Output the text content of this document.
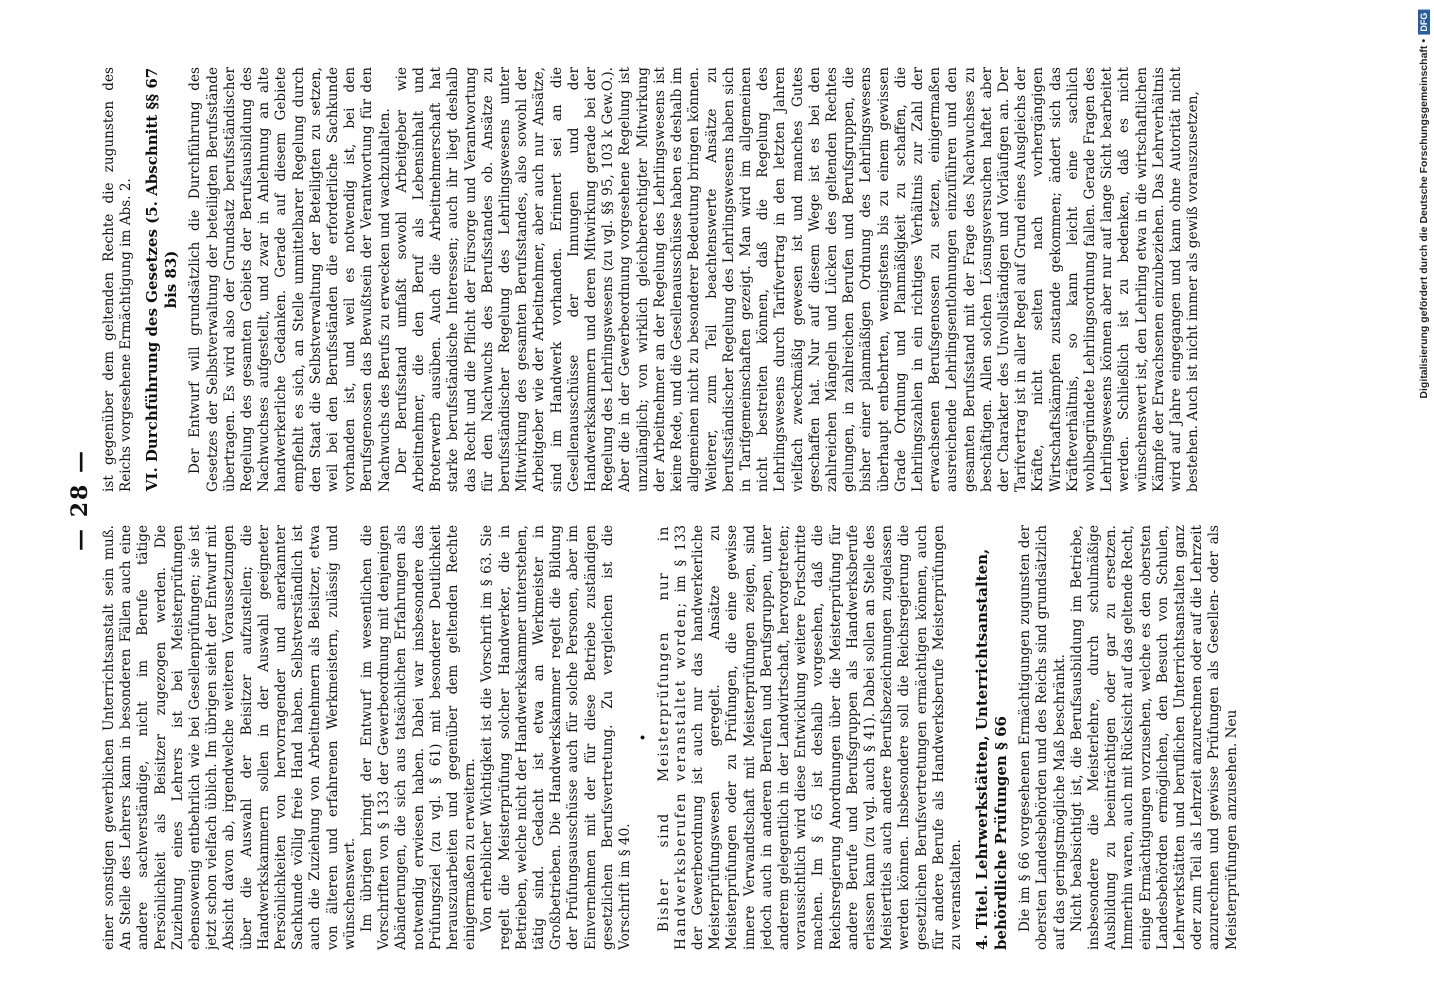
— 28 —

einer sonstigen gewerblichen Unterrichtsanstalt sein muß. An Stelle des Lehrers kann in besonderen Fällen auch eine andere sachverständige, nicht im Berufe tätige Persönlichkeit als Beisitzer zugezogen werden. Die Zuziehung eines Lehrers ist bei Meisterprüfungen ebensowenig entbehrlich wie bei Gesellenprüfungen; sie ist jetzt schon vielfach üblich. Im übrigen sieht der Entwurf mit Absicht davon ab, irgendwelche weiteren Voraussetzungen über die Auswahl der Beisitzer aufzustellen; die Handwerkskammern sollen in der Auswahl geeigneter Persönlichkeiten von hervorragender und anerkannter Sachkunde völlig freie Hand haben. Selbstverständlich ist auch die Zuziehung von Arbeitnehmern als Beisitzer, etwa von älteren und erfahrenen Werkmeistern, zulässig und wünschenswert. Im übrigen bringt der Entwurf im wesentlichen die Vorschriften von § 133 der Gewerbeordnung mit denjenigen Abänderungen, die sich aus tatsächlichen Erfahrungen als notwendig erwiesen haben. Dabei war insbesondere das Prüfungsziel (zu vgl. § 61) mit besonderer Deutlichkeit herauszuarbeiten und gegenüber dem geltenden Rechte einigermaßen zu erweitern. Von erheblicher Wichtigkeit ist die Vorschrift im § 63. Sie regelt die Meisterprüfung solcher Handwerker, die in Betrieben, welche nicht der Handwerkskammer unterstehen, tätig sind. Gedacht ist etwa an Werkmeister in Großbetrieben. Die Handwerkskammer regelt die Bildung der Prüfungsausschüsse auch für solche Personen, aber im Einvernehmen mit der für diese Betriebe zuständigen gesetzlichen Berufsvertretung. Zu vergleichen ist die Vorschrift im § 40.

• Bisher sind Meisterprüfungen nur in Handwerksberufen veranstaltet worden; im § 133 der Gewerbeordnung ist auch nur das handwerkerliche Meisterprüfungswesen geregelt. Ansätze zu Meisterprüfungen oder zu Prüfungen, die eine gewisse innere Verwandtschaft mit Meisterprüfungen zeigen, sind jedoch auch in anderen Berufen und Berufsgruppen, unter anderem gelegentlich in der Landwirtschaft, hervorgetreten; voraussichtlich wird diese Entwicklung weitere Fortschritte machen. Im § 65 ist deshalb vorgesehen, daß die Reichsregierung Anordnungen über die Meisterprüfung für andere Berufe und Berufsgruppen als Handwerksberufe erlassen kann (zu vgl. auch § 41). Dabei sollen an Stelle des Meistertitels auch andere Berufsbezeichnungen zugelassen werden können. Insbesondere soll die Reichsregierung die gesetzlichen Berufsvertretungen ermächtigen können, auch für andere Berufe als Handwerksberufe Meisterprüfungen zu veranstalten. 4. Titel. Lehrwerkstätten, Unterrichtsanstalten, behördliche Prüfungen § 66 Die im § 66 vorgesehenen Ermächtigungen zugunsten der obersten Landesbehörden und des Reichs sind grundsätzlich auf das geringstmögliche Maß beschränkt. Nicht beabsichtigt ist, die Berufsausbildung im Betriebe, insbesondere die Meisterlehre, durch schulmäßige Ausbildung zu beeinträchtigen oder gar zu ersetzen. Immerhin waren, auch mit Rücksicht auf das geltende Recht, einige Ermächtigungen vorzusehen, welche es den obersten Landesbehörden ermöglichen, den Besuch von Schulen, Lehrwerkstätten und beruflichen Unterrichtsanstalten ganz oder zum Teil als Lehrzeit anzurechnen oder auf die Lehrzeit anzurechnen und gewisse Prüfungen als Gesellen- oder als Meisterprüfungen anzusehen. Neu

ist gegenüber dem geltenden Rechte die zugunsten des Reichs vorgesehene Ermächtigung im Abs. 2. VI. Durchführung des Gesetzes (5. Abschnitt §§ 67 bis 83) Der Entwurf will grundsätzlich die Durchführung des Gesetzes der Selbstverwaltung der beteiligten Berufsstände übertragen. Es wird also der Grundsatz berufsständischer Regelung des gesamten Gebiets der Berufsausbildung des Nachwuchses aufgestellt, und zwar in Anlehnung an alte handwerkerliche Gedanken. Gerade auf diesem Gebiete empfiehlt es sich, an Stelle unmittelbarer Regelung durch den Staat die Selbstverwaltung der Beteiligten zu setzen, weil bei den Berufsständen die erforderliche Sachkunde vorhanden ist, und weil es notwendig ist, bei den Berufsgenossen das Bewußtsein der Verantwortung für den Nachwuchs des Berufs zu erwecken und wachzuhalten. Der Berufsstand umfaßt sowohl Arbeitgeber wie Arbeitnehmer, die den Beruf als Lebensinhalt und Broterwerb ausüben. Auch die Arbeitnehmerschaft hat starke berufsständische Interessen; auch ihr liegt deshalb das Recht und die Pflicht der Fürsorge und Verantwortung für den Nachwuchs des Berufsstandes ob. Ansätze zu berufsständischer Regelung des Lehrlingswesens unter Mitwirkung des gesamten Berufsstandes, also sowohl der Arbeitgeber wie der Arbeitnehmer, aber auch nur Ansätze, sind im Handwerk vorhanden. Erinnert sei an die Gesellenausschüsse der Innungen und der Handwerkskammern und deren Mitwirkung gerade bei der Regelung des Lehrlingswesens (zu vgl. §§ 95, 103 k Gew.O.). Aber die in der Gewerbeordnung vorgesehene Regelung ist unzulänglich; von wirklich gleichberechtigter Mitwirkung der Arbeitnehmer an der Regelung des Lehrlingswesens ist keine Rede, und die Gesellenausschüsse haben es deshalb im allgemeinen nicht zu besonderer Bedeutung bringen können. Weiterer, zum Teil beachtenswerte Ansätze zu berufsständischer Regelung des Lehrlingswesens haben sich in Tarifgemeinschaften gezeigt. Man wird im allgemeinen nicht bestreiten können, daß die Regelung des Lehrlingswesens durch Tarifvertrag in den letzten Jahren vielfach zweckmäßig gewesen ist und manches Gutes geschaffen hat. Nur auf diesem Wege ist es bei den zahlreichen Mängeln und Lücken des geltenden Rechtes gelungen, in zahlreichen Berufen und Berufsgruppen, die bisher einer planmäßigen Ordnung des Lehrlingswesens überhaupt entbehrten, wenigstens bis zu einem gewissen Grade Ordnung und Planmäßigkeit zu schaffen, die Lehrlingszahlen in ein richtiges Verhältnis zur Zahl der erwachsenen Berufsgenossen zu setzen, einigermaßen ausreichende Lehrlingsentlohnungen einzuführen und den gesamten Berufsstand mit der Frage des Nachwuchses zu beschäftigen. Allen solchen Lösungsversuchen haftet aber der Charakter des Unvollständigen und Vorläufigen an. Der Tarifvertrag ist in aller Regel auf Grund eines Ausgleichs der Kräfte, nicht selten nach vorhergängigen Wirtschaftskämpfen zustande gekommen; ändert sich das Kräfteverhältnis, so kann leicht eine sachlich wohlbegründete Lehrlingsordnung fallen. Gerade Fragen des Lehrlingswesens können aber nur auf lange Sicht bearbeitet werden. Schließlich ist zu bedenken, daß es nicht wünschenswert ist, den Lehrling etwa in die wirtschaftlichen Kämpfe der Erwachsenen einzubeziehen. Das Lehrverhältnis wird auf Jahre eingegangen und kann ohne Autorität nicht bestehen. Auch ist nicht immer als gewiß vorauszusetzen,	Digitalisierung gefördert durch die Deutsche Forschungsgemeinschaft •
DFG
